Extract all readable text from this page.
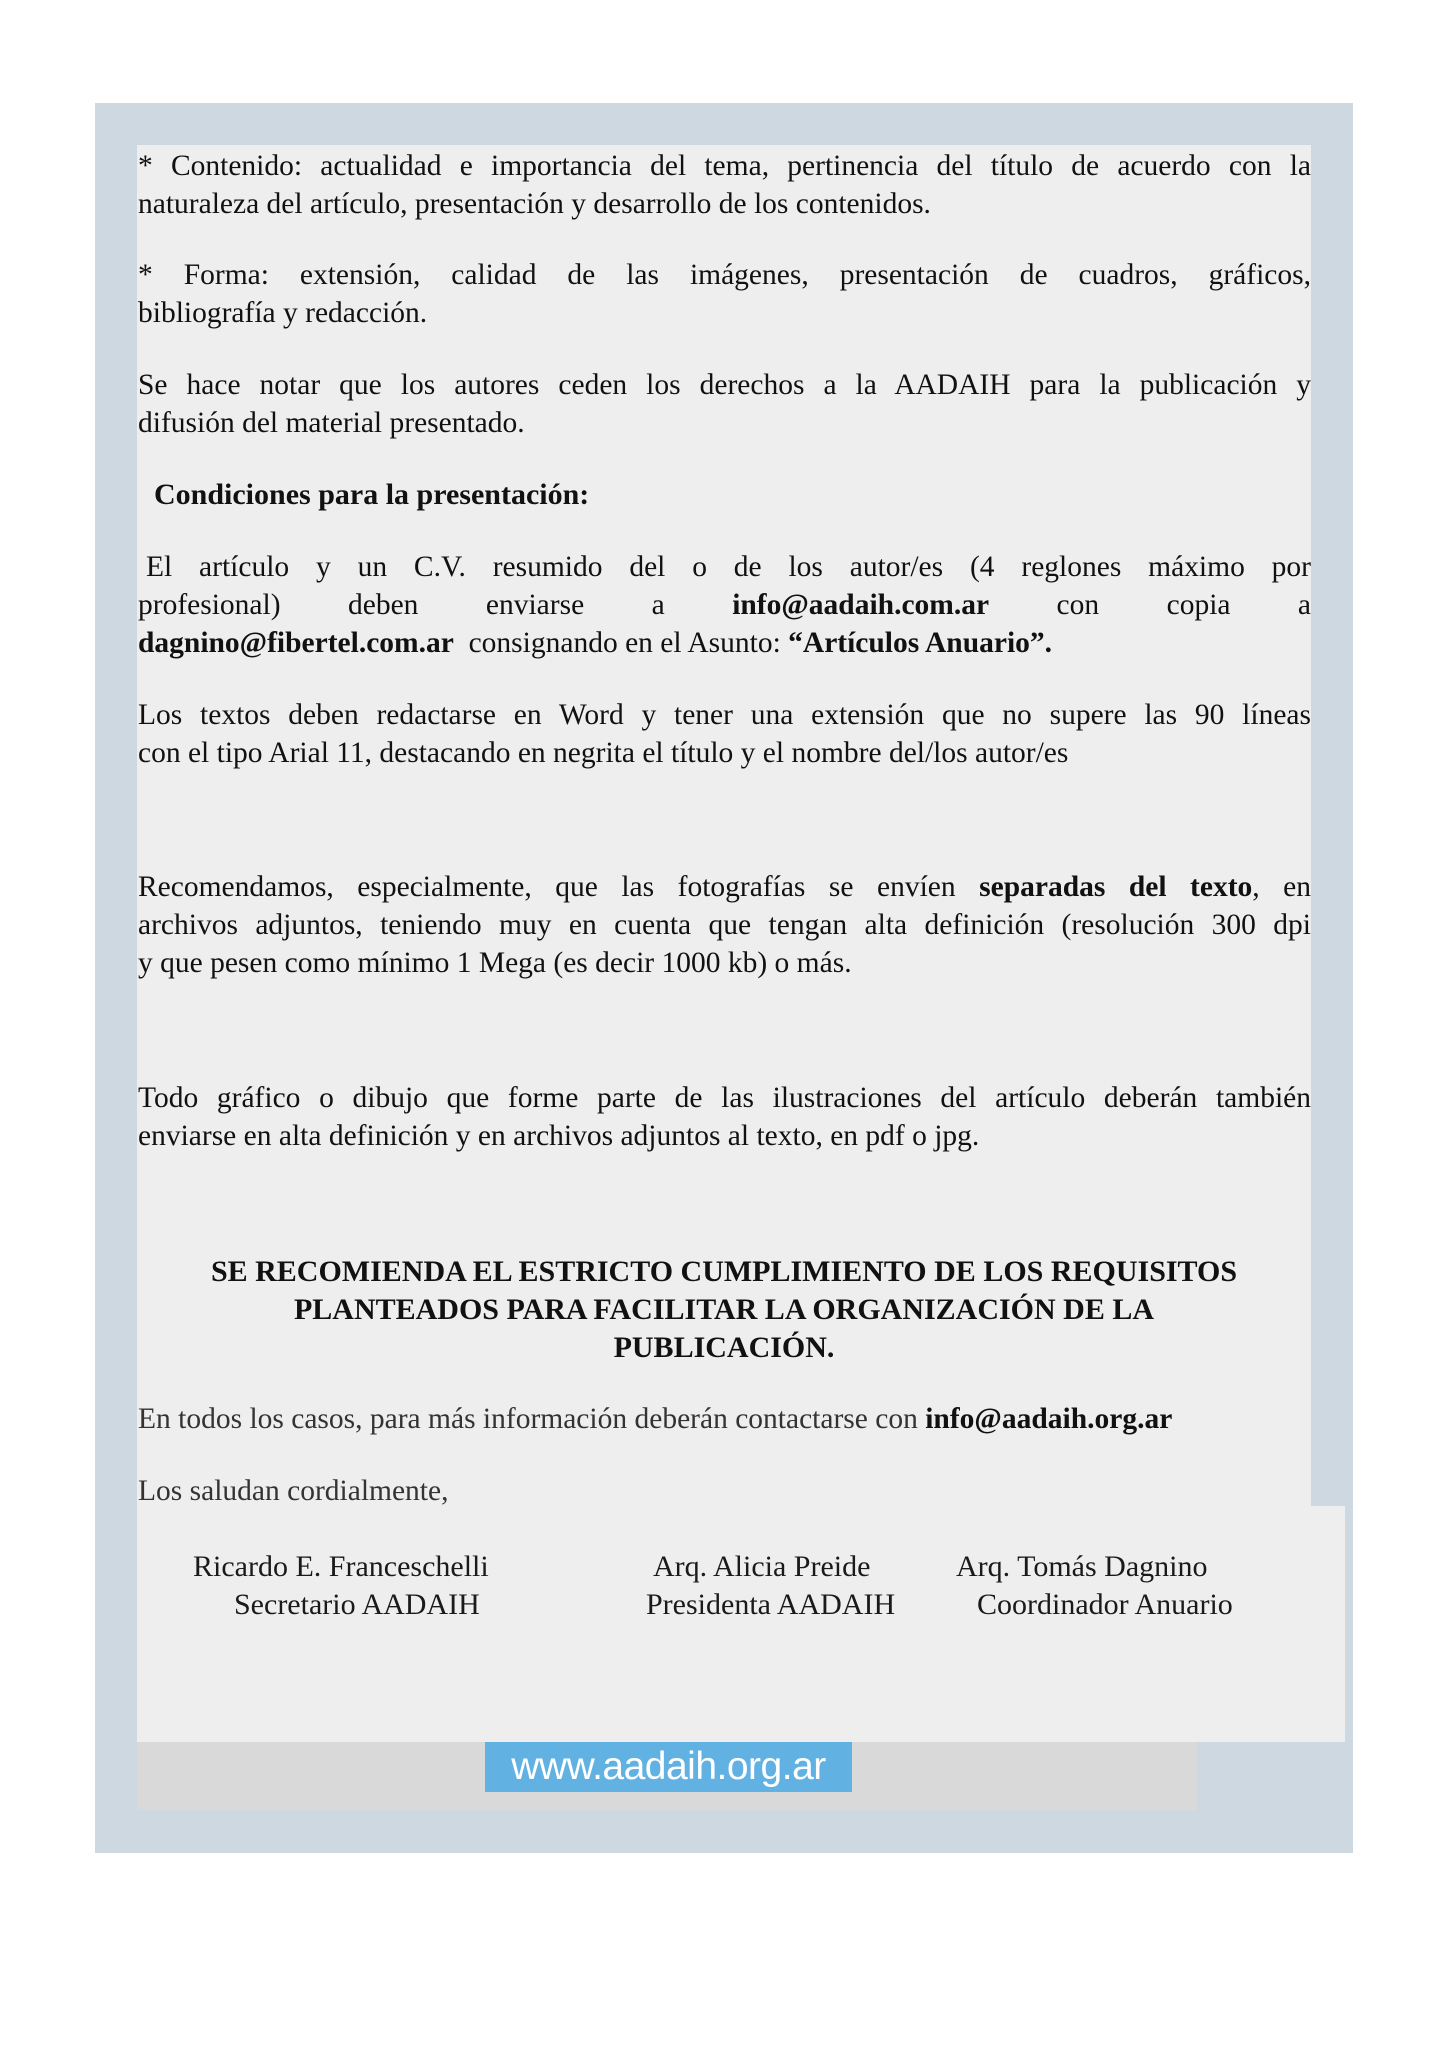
www.aadaih.org.ar
* Contenido: actualidad e importancia del tema, pertinencia del título de acuerdo con la
naturaleza del artículo, presentación y desarrollo de los contenidos.
* Forma: extensión, calidad de las imágenes, presentación de cuadros, gráficos,
bibliografía y redacción.
Se hace notar que los autores ceden los derechos a la AADAIH para la publicación y
difusión del material presentado.
Condiciones para la presentación:
El artículo y un C.V. resumido del o de los autor/es (4 reglones máximo por
profesional) deben enviarse a info@aadaih.com.ar con copia a
dagnino@fibertel.com.ar consignando en el Asunto: “Artículos Anuario”.
Los textos deben redactarse en Word y tener una extensión que no supere las 90 líneas
con el tipo Arial 11, destacando en negrita el título y el nombre del/los autor/es
Recomendamos, especialmente, que las fotografías se envíen separadas del texto, en
archivos adjuntos, teniendo muy en cuenta que tengan alta definición (resolución 300 dpi
y que pesen como mínimo 1 Mega (es decir 1000 kb) o más.
Todo gráfico o dibujo que forme parte de las ilustraciones del artículo deberán también
enviarse en alta definición y en archivos adjuntos al texto, en pdf o jpg.
SE RECOMIENDA EL ESTRICTO CUMPLIMIENTO DE LOS REQUISITOS
PLANTEADOS PARA FACILITAR LA ORGANIZACIÓN DE LA
PUBLICACIÓN.
En todos los casos, para más información deberán contactarse con info@aadaih.org.ar
Los saludan cordialmente,
Ricardo E. Franceschelli
Secretario AADAIH
Arq. Alicia Preide
Presidenta AADAIH
Arq. Tomás Dagnino
Coordinador Anuario
